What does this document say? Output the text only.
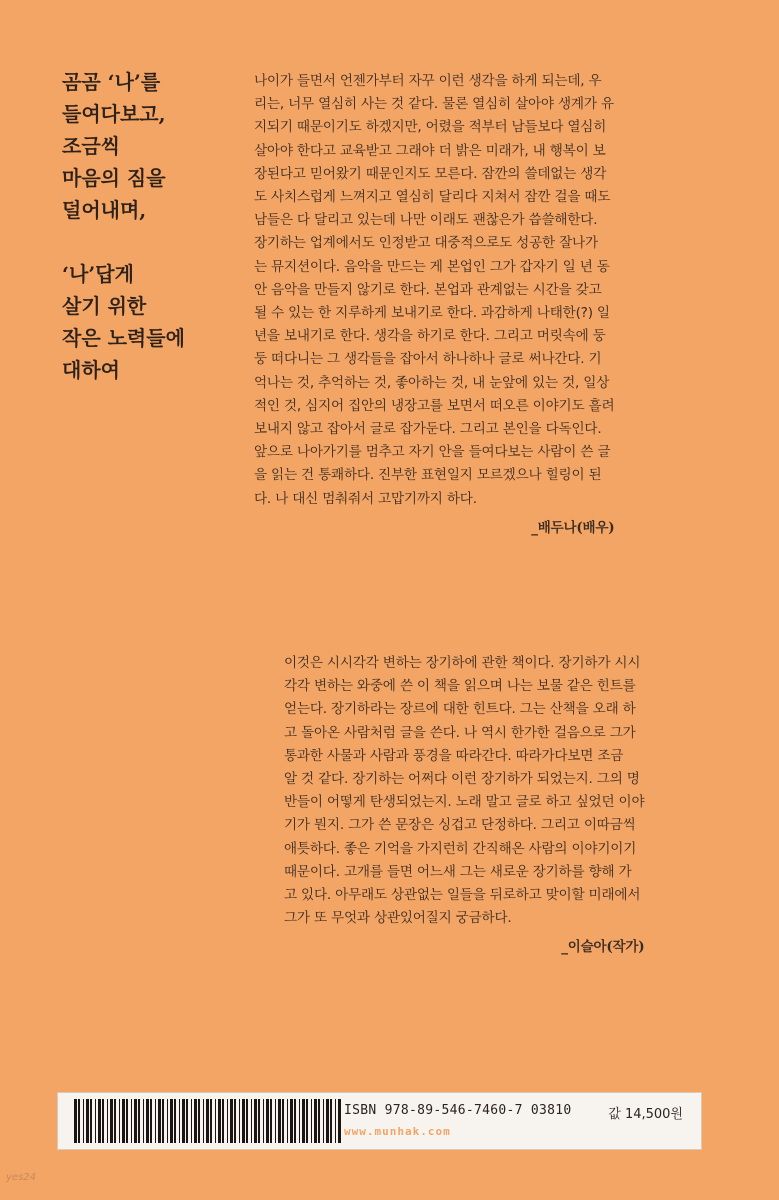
곰곰 ‘나’를

들여다보고,

조금씩

마음의 짐을

덜어내며,

‘나’답게

살기 위한

작은 노력들에

대하여

나이가 들면서 언젠가부터 자꾸 이런 생각을 하게 되는데, 우

리는, 너무 열심히 사는 것 같다. 물론 열심히 살아야 생계가 유

지되기 때문이기도 하겠지만, 어렸을 적부터 남들보다 열심히

살아야 한다고 교육받고 그래야 더 밝은 미래가, 내 행복이 보

장된다고 믿어왔기 때문인지도 모른다. 잠깐의 쓸데없는 생각

도 사치스럽게 느껴지고 열심히 달리다 지쳐서 잠깐 걸을 때도

남들은 다 달리고 있는데 나만 이래도 괜찮은가 씁쓸해한다.

장기하는 업계에서도 인정받고 대중적으로도 성공한 잘나가

는 뮤지션이다. 음악을 만드는 게 본업인 그가 갑자기 일 년 동

안 음악을 만들지 않기로 한다. 본업과 관계없는 시간을 갖고

될 수 있는 한 지루하게 보내기로 한다. 과감하게 나태한(?) 일

년을 보내기로 한다. 생각을 하기로 한다. 그리고 머릿속에 둥

둥 떠다니는 그 생각들을 잡아서 하나하나 글로 써나간다. 기

억나는 것, 추억하는 것, 좋아하는 것, 내 눈앞에 있는 것, 일상

적인 것, 심지어 집안의 냉장고를 보면서 떠오른 이야기도 흘려

보내지 않고 잡아서 글로 잡가둔다. 그리고 본인을 다독인다.

앞으로 나아가기를 멈추고 자기 안을 들여다보는 사람이 쓴 글

을 읽는 건 통쾌하다. 진부한 표현일지 모르겠으나 힐링이 된

다. 나 대신 멈춰줘서 고맙기까지 하다.

_배두나(배우)

이것은 시시각각 변하는 장기하에 관한 책이다. 장기하가 시시

각각 변하는 와중에 쓴 이 책을 읽으며 나는 보물 같은 힌트를

얻는다. 장기하라는 장르에 대한 힌트다. 그는 산책을 오래 하

고 돌아온 사람처럼 글을 쓴다. 나 역시 한가한 걸음으로 그가

통과한 사물과 사람과 풍경을 따라간다. 따라가다보면 조금

알 것 같다. 장기하는 어쩌다 이런 장기하가 되었는지. 그의 명

반들이 어떻게 탄생되었는지. 노래 말고 글로 하고 싶었던 이야

기가 뭔지. 그가 쓴 문장은 싱겁고 단정하다. 그리고 이따금씩

애틋하다. 좋은 기억을 가지런히 간직해온 사람의 이야기이기

때문이다. 고개를 들면 어느새 그는 새로운 장기하를 향해 가

고 있다. 아무래도 상관없는 일들을 뒤로하고 맞이할 미래에서

그가 또 무엇과 상관있어질지 궁금하다.

_이슬아(작가)

ISBN 978-89-546-7460-7 03810
www.munhak.com
값 14,500원
yes24
